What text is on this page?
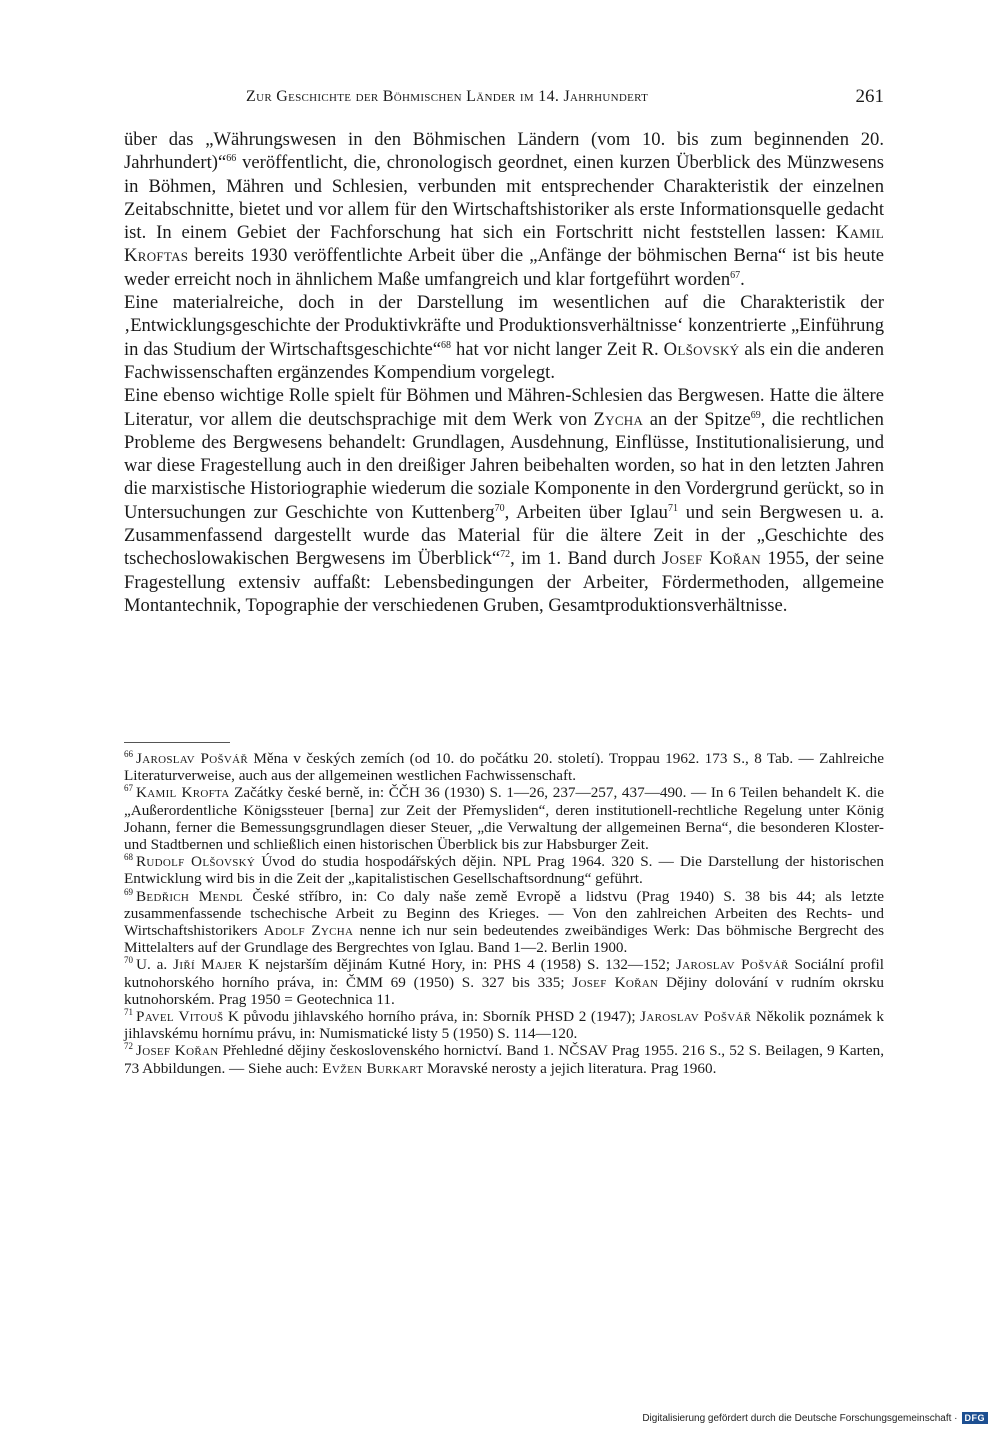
Zur Geschichte der Böhmischen Länder im 14. Jahrhundert	261

über das „Währungswesen in den Böhmischen Ländern (vom 10. bis zum beginnenden 20. Jahrhundert)“$^{66}$ veröffentlicht, die, chronologisch geordnet, einen kurzen Überblick des Münzwesens in Böhmen, Mähren und Schlesien, verbunden mit entsprechender Charakteristik der einzelnen Zeitabschnitte, bietet und vor allem für den Wirtschaftshistoriker als erste Informationsquelle gedacht ist. In einem Gebiet der Fachforschung hat sich ein Fortschritt nicht feststellen lassen: Kamil Kroftas bereits 1930 veröffentlichte Arbeit über die „Anfänge der böhmischen Berna“ ist bis heute weder erreicht noch in ähnlichem Maße umfangreich und klar fortgeführt worden$^{67}$.

Eine materialreiche, doch in der Darstellung im wesentlichen auf die Charakteristik der ‚Entwicklungsgeschichte der Produktivkräfte und Produktionsverhältnisse‘ konzentrierte „Einführung in das Studium der Wirtschaftsgeschichte“$^{68}$ hat vor nicht langer Zeit R. Olšovský als ein die anderen Fachwissenschaften ergänzendes Kompendium vorgelegt.

Eine ebenso wichtige Rolle spielt für Böhmen und Mähren-Schlesien das Bergwesen. Hatte die ältere Literatur, vor allem die deutschsprachige mit dem Werk von Zycha an der Spitze$^{69}$, die rechtlichen Probleme des Bergwesens behandelt: Grundlagen, Ausdehnung, Einflüsse, Institutionalisierung, und war diese Fragestellung auch in den dreißiger Jahren beibehalten worden, so hat in den letzten Jahren die marxistische Historiographie wiederum die soziale Komponente in den Vordergrund gerückt, so in Untersuchungen zur Geschichte von Kuttenberg$^{70}$, Arbeiten über Iglau$^{71}$ und sein Bergwesen u. a. Zusammenfassend dargestellt wurde das Material für die ältere Zeit in der „Geschichte des tschechoslowakischen Bergwesens im Überblick“$^{72}$, im 1. Band durch Josef Kořan 1955, der seine Fragestellung extensiv auffaßt: Lebensbedingungen der Arbeiter, Fördermethoden, allgemeine Montantechnik, Topographie der verschiedenen Gruben, Gesamtproduktionsverhältnisse.

$^{66}$ Jaroslav Pošvář Měna v českých zemích (od 10. do počátku 20. století). Troppau 1962. 173 S., 8 Tab. — Zahlreiche Literaturverweise, auch aus der allgemeinen westlichen Fachwissenschaft.

$^{67}$ Kamil Krofta Začátky české berně, in: ČČH 36 (1930) S. 1—26, 237—257, 437—490. — In 6 Teilen behandelt K. die „Außerordentliche Königssteuer [berna] zur Zeit der Přemysliden“, deren institutionell-rechtliche Regelung unter König Johann, ferner die Bemessungsgrundlagen dieser Steuer, „die Verwaltung der allgemeinen Berna“, die besonderen Kloster- und Stadtbernen und schließlich einen historischen Überblick bis zur Habsburger Zeit.

$^{68}$ Rudolf Olšovský Úvod do studia hospodářských dějin. NPL Prag 1964. 320 S. — Die Darstellung der historischen Entwicklung wird bis in die Zeit der „kapitalistischen Gesellschaftsordnung“ geführt.

$^{69}$ Bedřich Mendl České stříbro, in: Co daly naše země Evropě a lidstvu (Prag 1940) S. 38 bis 44; als letzte zusammenfassende tschechische Arbeit zu Beginn des Krieges. — Von den zahlreichen Arbeiten des Rechts- und Wirtschaftshistorikers Adolf Zycha nenne ich nur sein bedeutendes zweibändiges Werk: Das böhmische Bergrecht des Mittelalters auf der Grundlage des Bergrechtes von Iglau. Band 1—2. Berlin 1900.

$^{70}$ U. a. Jiří Majer K nejstarším dějinám Kutné Hory, in: PHS 4 (1958) S. 132—152; Jaroslav Pošvář Sociální profil kutnohorského horního práva, in: ČMM 69 (1950) S. 327 bis 335; Josef Kořan Dějiny dolování v rudním okrsku kutnohorském. Prag 1950 = Geotechnica 11.

$^{71}$ Pavel Vitouš K původu jihlavského horního práva, in: Sborník PHSD 2 (1947); Jaroslav Pošvář Několik poznámek k jihlavskému hornímu právu, in: Numismatické listy 5 (1950) S. 114—120.

$^{72}$ Josef Kořan Přehledné dějiny československého hornictví. Band 1. NČSAV Prag 1955. 216 S., 52 S. Beilagen, 9 Karten, 73 Abbildungen. — Siehe auch: Evžen Burkart Moravské nerosty a jejich literatura. Prag 1960.

Digitalisierung gefördert durch die Deutsche Forschungsgemeinschaft · DFG
